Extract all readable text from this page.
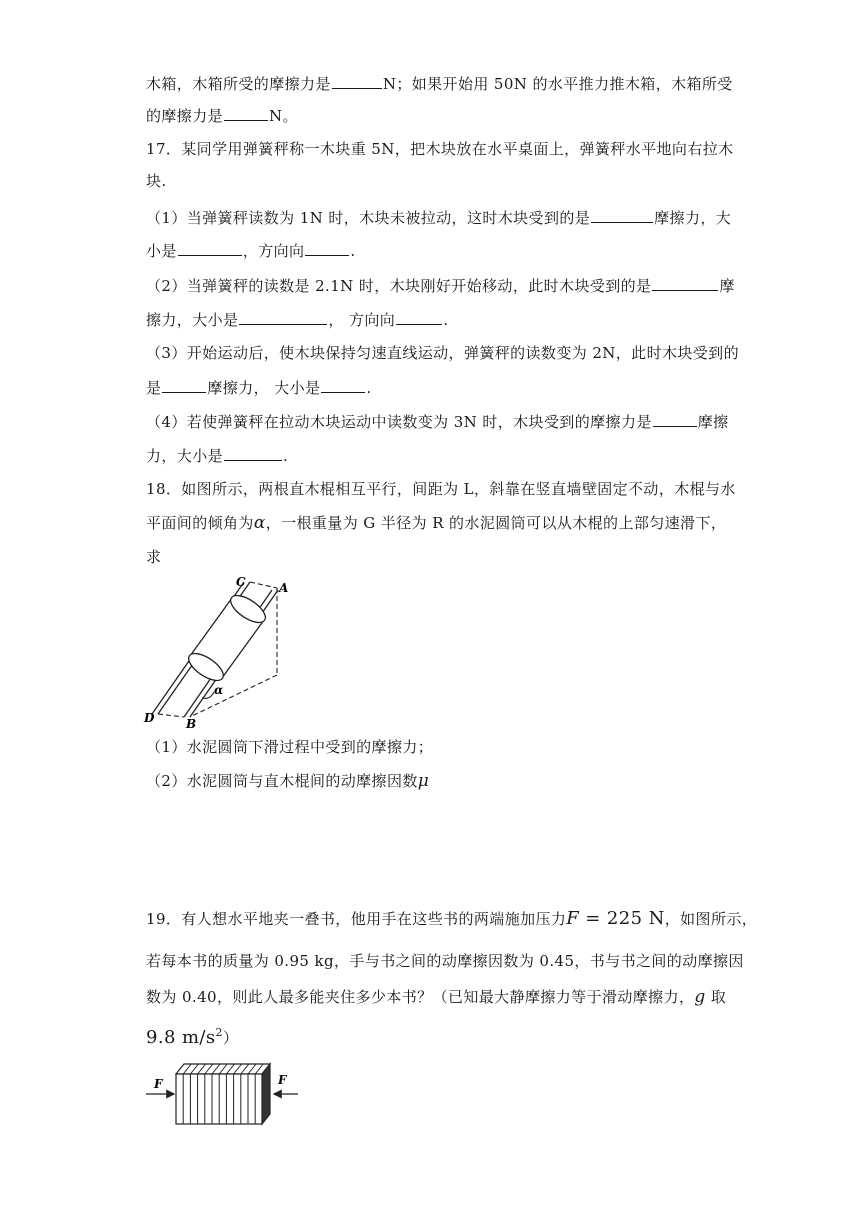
木箱，木箱所受的摩擦力是	N；如果开始用 50N 的水平推力推木箱，木箱所受
的摩擦力是	N。
17．某同学用弹簧秤称一木块重 5N，把木块放在水平桌面上，弹簧秤水平地向右拉木
块.
（1）当弹簧秤读数为 1N 时，木块未被拉动，这时木块受到的是	摩擦力，大
小是	，方向向	.
（2）当弹簧秤的读数是 2.1N 时，木块刚好开始移动，此时木块受到的是	摩
擦力，大小是	， 方向向	.
（3）开始运动后，使木块保持匀速直线运动，弹簧秤的读数变为 2N，此时木块受到的
是	摩擦力， 大小是	.
（4）若使弹簧秤在拉动木块运动中读数变为 3N 时，木块受到的摩擦力是	摩擦
力，大小是	.
18．如图所示，两根直木棍相互平行，间距为 L，斜靠在竖直墙壁固定不动，木棍与水
平面间的倾角为α，一根重量为 G 半径为 R 的水泥圆筒可以从木棍的上部匀速滑下，
求
α
C	A
D	B
（1）水泥圆筒下滑过程中受到的摩擦力；
（2）水泥圆筒与直木棍间的动摩擦因数μ
19．有人想水平地夹一叠书，他用手在这些书的两端施加压力F = 225 N，如图所示，
若每本书的质量为 0.95 kg，手与书之间的动摩擦因数为 0.45，书与书之间的动摩擦因
数为 0.40，则此人最多能夹住多少本书？（已知最大静摩擦力等于滑动摩擦力，g 取
9.8 $m/s^2$）
F	F
